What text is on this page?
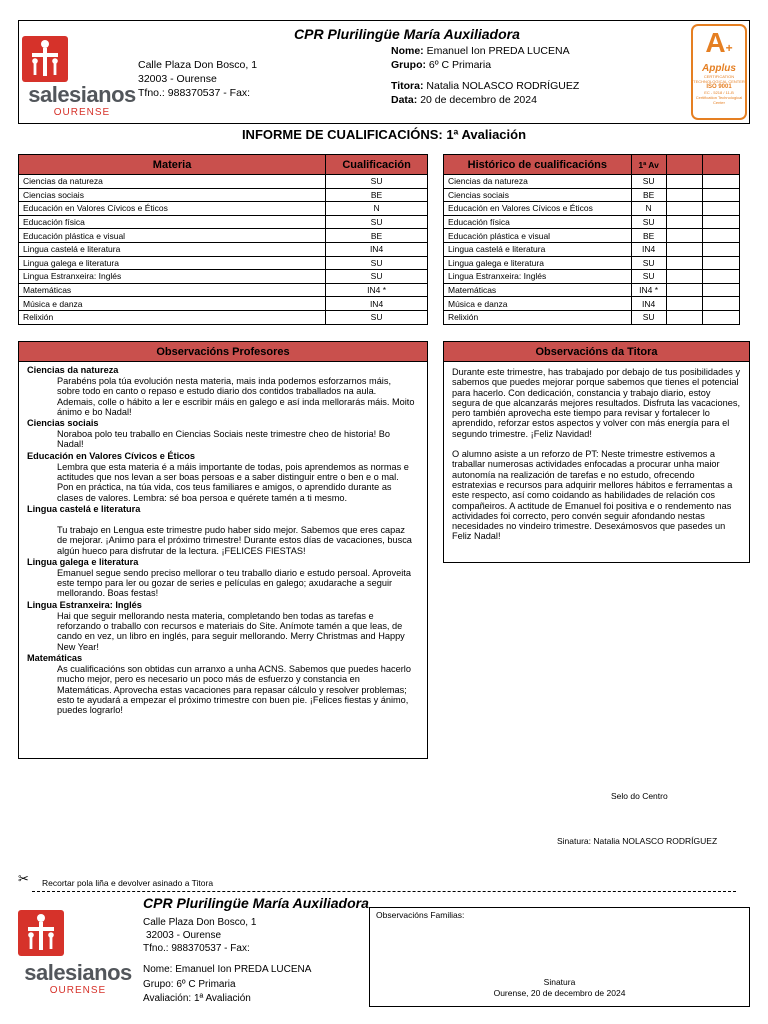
salesianos
OURENSE
CPR Plurilingüe María Auxiliadora
Calle Plaza Don Bosco, 1
32003 - Ourense
Tfno.: 988370537 - Fax:
Nome: Emanuel Ion PREDA LUCENA
Grupo: 6º C Primaria
Titora: Natalia NOLASCO RODRÍGUEZ
Data: 20 de decembro de 2024
A+
Applus
CERTIFICATION TECHNOLOGICAL CENTER
ISO 9001
EC - 5218 / 11-B
Certification Technological Center
INFORME DE CUALIFICACIÓNS: 1ª Avaliación
Materia	Cualificación
Ciencias da natureza	SU
Ciencias sociais	BE
Educación en Valores Cívicos e Éticos	N
Educación física	SU
Educación plástica e visual	BE
Lingua castelá e literatura	IN4
Lingua galega e literatura	SU
Lingua Estranxeira: Inglés	SU
Matemáticas	IN4 *
Música e danza	IN4
Relixión	SU
Histórico de cualificacións	1ª Av		
Ciencias da natureza	SU		
Ciencias sociais	BE		
Educación en Valores Cívicos e Éticos	N		
Educación física	SU		
Educación plástica e visual	BE		
Lingua castelá e literatura	IN4		
Lingua galega e literatura	SU		
Lingua Estranxeira: Inglés	SU		
Matemáticas	IN4 *		
Música e danza	IN4		
Relixión	SU		
Observacións Profesores
Ciencias da natureza
Parabéns pola túa evolución nesta materia, mais inda podemos esforzarnos máis, sobre todo en canto o repaso e estudo diario dos contidos traballados na aula. Ademais, colle o hábito a ler e escribir máis en galego e así inda mellorarás máis. Moito ánimo e bo Nadal!
Ciencias sociais
Noraboa polo teu traballo en Ciencias Sociais neste trimestre cheo de historia! Bo Nadal!
Educación en Valores Cívicos e Éticos
Lembra que esta materia é a máis importante de todas, pois aprendemos as normas e actitudes que nos levan a ser boas persoas e a saber distinguir entre o ben e o mal. Pon en práctica, na túa vida, cos teus familiares e amigos, o aprendido durante as clases de valores. Lembra: sé boa persoa e quérete tamén a ti mesmo.
Lingua castelá e literatura
Tu trabajo en Lengua este trimestre pudo haber sido mejor. Sabemos que eres capaz de mejorar. ¡Animo para el próximo trimestre! Durante estos días de vacaciones, busca algún hueco para disfrutar de la lectura. ¡FELICES FIESTAS!
Lingua galega e literatura
Emanuel segue sendo preciso mellorar o teu traballo diario e estudo persoal. Aproveita este tempo para ler ou gozar de series e películas en galego; axudarache a seguir mellorando. Boas festas!
Lingua Estranxeira: Inglés
Hai que seguir mellorando nesta materia, completando ben todas as tarefas e reforzando o traballo con recursos e materiais do Site. Anímote tamén a que leas, de cando en vez, un libro en inglés, para seguir mellorando. Merry Christmas and Happy New Year!
Matemáticas
As cualificacións son obtidas cun arranxo a unha ACNS. Sabemos que puedes hacerlo mucho mejor, pero es necesario un poco más de esfuerzo y constancia en Matemáticas. Aprovecha estas vacaciones para repasar cálculo y resolver problemas; esto te ayudará a empezar el próximo trimestre con buen pie. ¡Felices fiestas y ánimo, puedes lograrlo!
Observacións da Titora

Durante este trimestre, has trabajado por debajo de tus posibilidades y sabemos que puedes mejorar porque sabemos que tienes el potencial para hacerlo. Con dedicación, constancia y trabajo diario, estoy segura de que alcanzarás mejores resultados. Disfruta las vacaciones, pero también aprovecha este tiempo para revisar y fortalecer lo aprendido, reforzar estos aspectos y volver con más energía para el segundo trimestre. ¡Feliz Navidad!

O alumno asiste a un reforzo de PT: Neste trimestre estivemos a traballar numerosas actividades enfocadas a procurar unha maior autonomía na realización de tarefas e no estudo, ofrecendo estratexias e recursos para adquirir mellores hábitos e ferramentas a este respecto, así como coidando as habilidades de relación cos compañeiros. A actitude de Emanuel foi positiva e o rendemento nas actividades foi correcto, pero convén seguir afondando nestas necesidades no vindeiro trimestre. Desexámosvos que pasedes un Feliz Nadal!

Selo do Centro
Sinatura: Natalia NOLASCO RODRÍGUEZ
✂ Recortar pola liña e devolver asinado a Titora
CPR Plurilingüe María Auxiliadora
salesianos
OURENSE
Calle Plaza Don Bosco, 1
32003 - Ourense
Tfno.: 988370537 - Fax:
Nome: Emanuel Ion PREDA LUCENA
Grupo: 6º C Primaria
Avaliación: 1ª Avaliación
Observacións Familias:
Sinatura
Ourense, 20 de decembro de 2024
